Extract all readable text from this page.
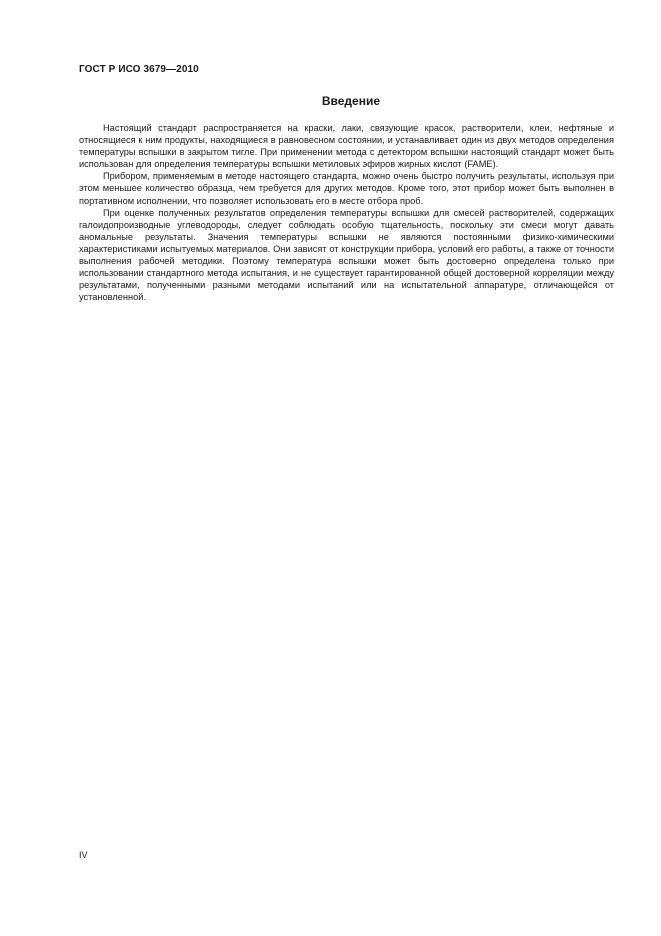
ГОСТ Р ИСО 3679—2010
Введение

Настоящий стандарт распространяется на краски, лаки, связующие красок, растворители, клеи, нефтяные и относящиеся к ним продукты, находящиеся в равновесном состоянии, и устанавливает один из двух методов определения температуры вспышки в закрытом тигле. При применении метода с детектором вспышки настоящий стандарт может быть использован для определения температуры вспышки метиловых эфиров жирных кислот (FAME).

Прибором, применяемым в методе настоящего стандарта, можно очень быстро получить результаты, используя при этом меньшее количество образца, чем требуется для других методов. Кроме того, этот прибор может быть выполнен в портативном исполнении, что позволяет использовать его в месте отбора проб.

При оценке полученных результатов определения температуры вспышки для смесей растворителей, содержащих галоидопроизводные углеводороды, следует соблюдать особую тщательность, поскольку эти смеси могут давать аномальные результаты. Значения температуры вспышки не являются постоянными физико-химическими характеристиками испытуемых материалов. Они зависят от конструкции прибора, условий его работы, а также от точности выполнения рабочей методики. Поэтому температура вспышки может быть достоверно определена только при использовании стандартного метода испытания, и не существует гарантированной общей достоверной корреляции между результатами, полученными разными методами испытаний или на испытательной аппаратуре, отличающейся от установленной.

IV
